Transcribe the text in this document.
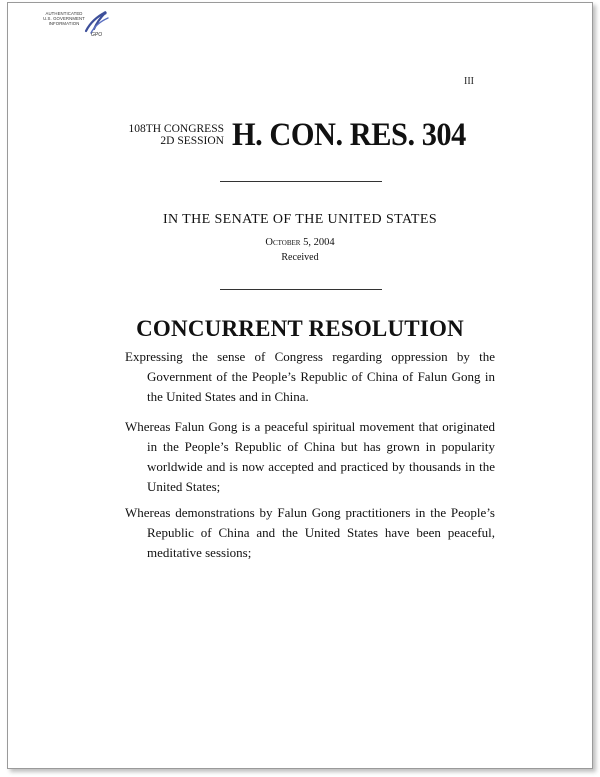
AUTHENTICATED
U.S. GOVERNMENT
INFORMATION
GPO
III
108TH CONGRESS
2D SESSION H. CON. RES. 304
IN THE SENATE OF THE UNITED STATES
October 5, 2004
Received
CONCURRENT RESOLUTION
Expressing the sense of Congress regarding oppression by the Government of the People’s Republic of China of Falun Gong in the United States and in China.
Whereas Falun Gong is a peaceful spiritual movement that originated in the People’s Republic of China but has grown in popularity worldwide and is now accepted and practiced by thousands in the United States;
Whereas demonstrations by Falun Gong practitioners in the People’s Republic of China and the United States have been peaceful, meditative sessions;
